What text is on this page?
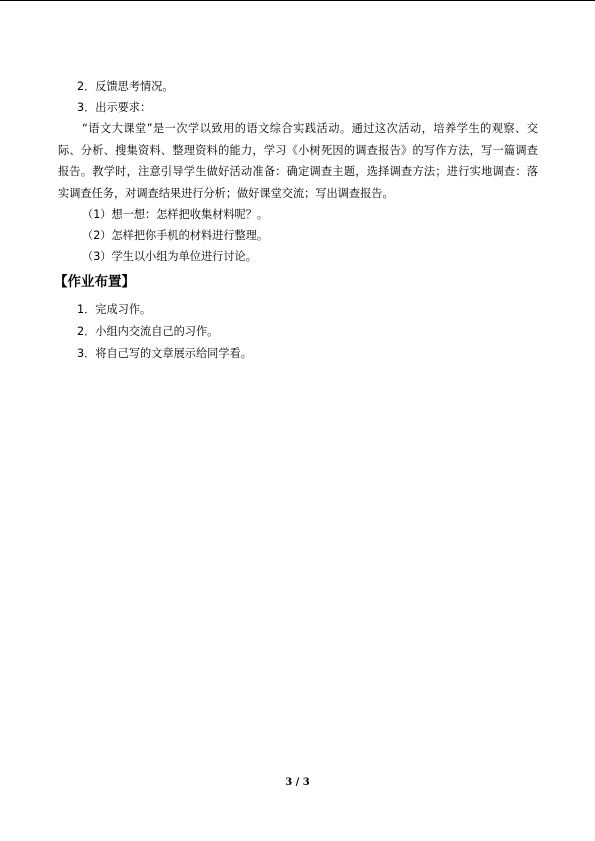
2．反馈思考情况。

3．出示要求：

“语文大课堂”是一次学以致用的语文综合实践活动。通过这次活动，培养学生的观察、交际、分析、搜集资料、整理资料的能力，学习《小树死因的调查报告》的写作方法，写一篇调查报告。教学时，注意引导学生做好活动准备：确定调查主题，选择调查方法；进行实地调查：落实调查任务，对调查结果进行分析；做好课堂交流；写出调查报告。

（1）想一想：怎样把收集材料呢？。

（2）怎样把你手机的材料进行整理。

（3）学生以小组为单位进行讨论。

【作业布置】

1．完成习作。

2．小组内交流自己的习作。

3．将自己写的文章展示给同学看。

3 / 3
